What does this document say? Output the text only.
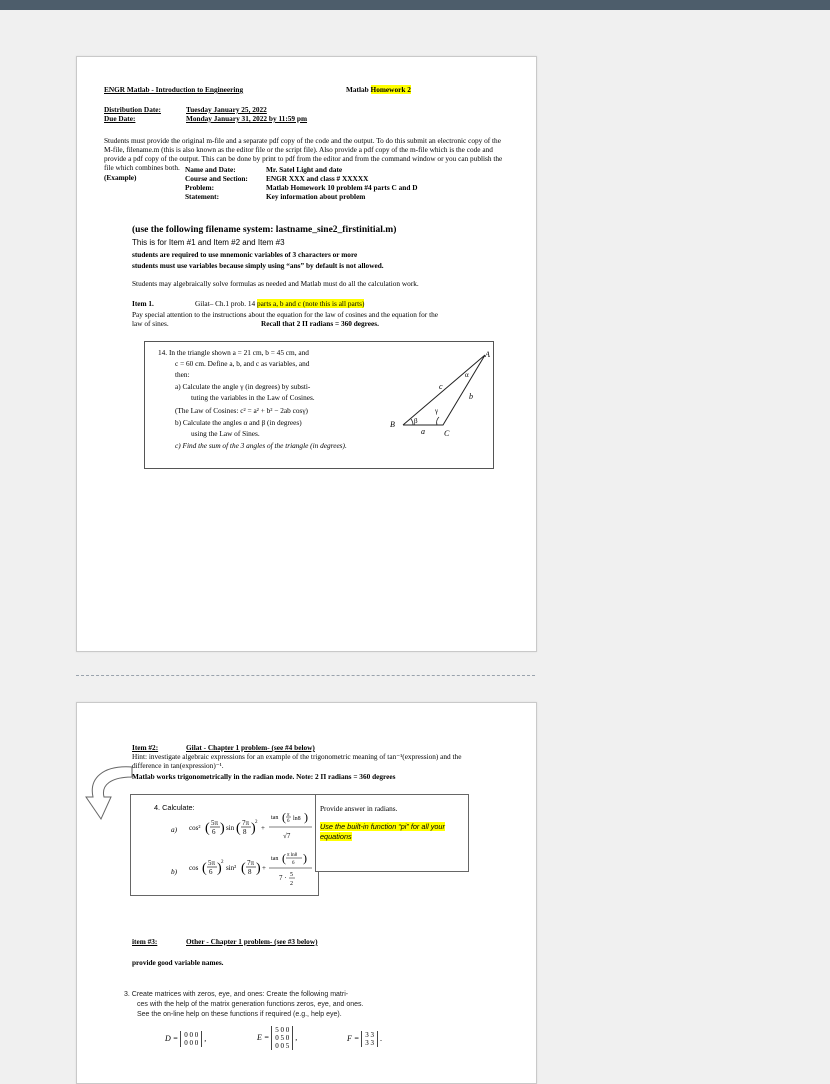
ENGR Matlab - Introduction to Engineering	Matlab Homework 2
Distribution Date:	Tuesday January 25, 2022
Due Date:	Monday January 31, 2022 by 11:59 pm
Students must provide the original m-file and a separate pdf copy of the code and the output. To do this submit an electronic copy of the M-file, filename.m (this is also known as the editor file or the script file). Also provide a pdf copy of the m-file which is the code and provide a pdf copy of the output. This can be done by print to pdf from the editor and from the command window or you can publish the file which combines both.
(Example)
Name and Date:	Mr. Satel Light and date
Course and Section: ENGR XXX and class # XXXXX
Problem:	Matlab Homework 10 problem #4 parts C and D
Statement:	Key information about problem
(use the following filename system: lastname_sine2_firstinitial.m)
This is for Item #1 and Item #2 and Item #3
students are required to use mnemonic variables of 3 characters or more
students must use variables because simply using “ans” by default is not allowed.
Students may algebraically solve formulas as needed and Matlab must do all the calculation work.
Item 1.	Gilat– Ch.1 prob. 14 parts a, b and c (note this is all parts)
Pay special attention to the instructions about the equation for the law of cosines and the equation for the law of sines.	Recall that 2 Π radians = 360 degrees.
14. In the triangle shown a = 21 cm, b = 45 cm, and
c = 60 cm. Define a, b, and c as variables, and
then:
a) Calculate the angle γ (in degrees) by substi-
tuting the variables in the Law of Cosines.
(The Law of Cosines: c² = a² + b² − 2ab cosγ)
b) Calculate the angles α and β (in degrees)
using the Law of Sines.
c) Find the sum of the 3 angles of the triangle (in degrees).
B
C
A
a
b
c
α
β
γ
Item #2:	Gilat - Chapter 1 problem- (see #4 below)
Hint: investigate algebraic expressions for an example of the trigonometric meaning of tan⁻¹(expression) and the difference in tan(expression)⁻¹.
Matlab works trigonometrically in the radian mode. Note: 2 Π radians = 360 degrees
4. Calculate:
a) cos² ( 5π
6 ) sin ( 7π
8 ) 2
+
tan ( π
6 ln8 )
√7
b) cos ( 5π
6 ) 2
sin² ( 7π
8 ) +
tan ( π ln8
6 )
7 · 5
2
Provide answer in radians.
Use the built-in function “pi” for all your equations
item #3:	Other - Chapter 1 problem- (see #3 below)
provide good variable names.
3. Create matrices with zeros, eye, and ones: Create the following matri-
ces with the help of the matrix generation functions zeros, eye, and ones.
See the on-line help on these functions if required (e.g., help eye).
D = 0 0 0
0 0 0
,	E =
5 0 0
0 5 0
0 0 5
,	F = 3 3
3 3
.
